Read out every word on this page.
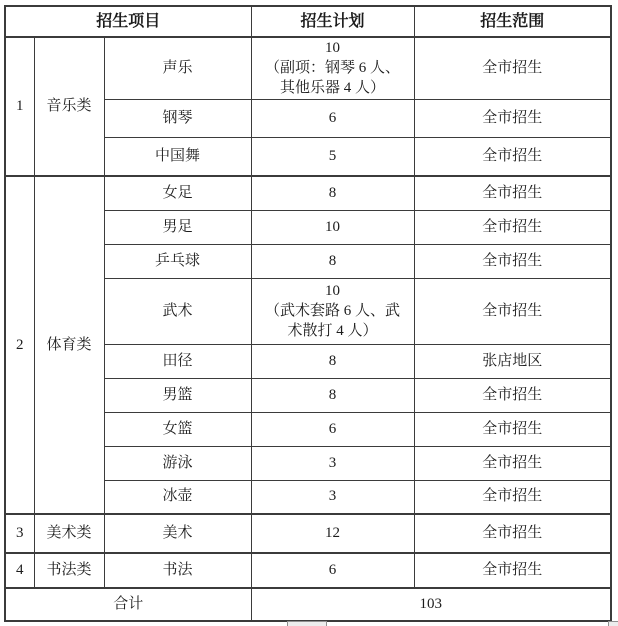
招生项目			招生计划	招生范围
1	音乐类	声乐	10
（副项：钢琴 6 人、
其他乐器 4 人）	全市招生
		钢琴	6	全市招生
		中国舞	5	全市招生
2	体育类	女足	8	全市招生
		男足	10	全市招生
		乒乓球	8	全市招生
		武术	10
（武术套路 6 人、武
术散打 4 人）	全市招生
		田径	8	张店地区
		男篮	8	全市招生
		女篮	6	全市招生
		游泳	3	全市招生
		冰壶	3	全市招生
3	美术类	美术	12	全市招生
4	书法类	书法	6	全市招生
合计			103	
